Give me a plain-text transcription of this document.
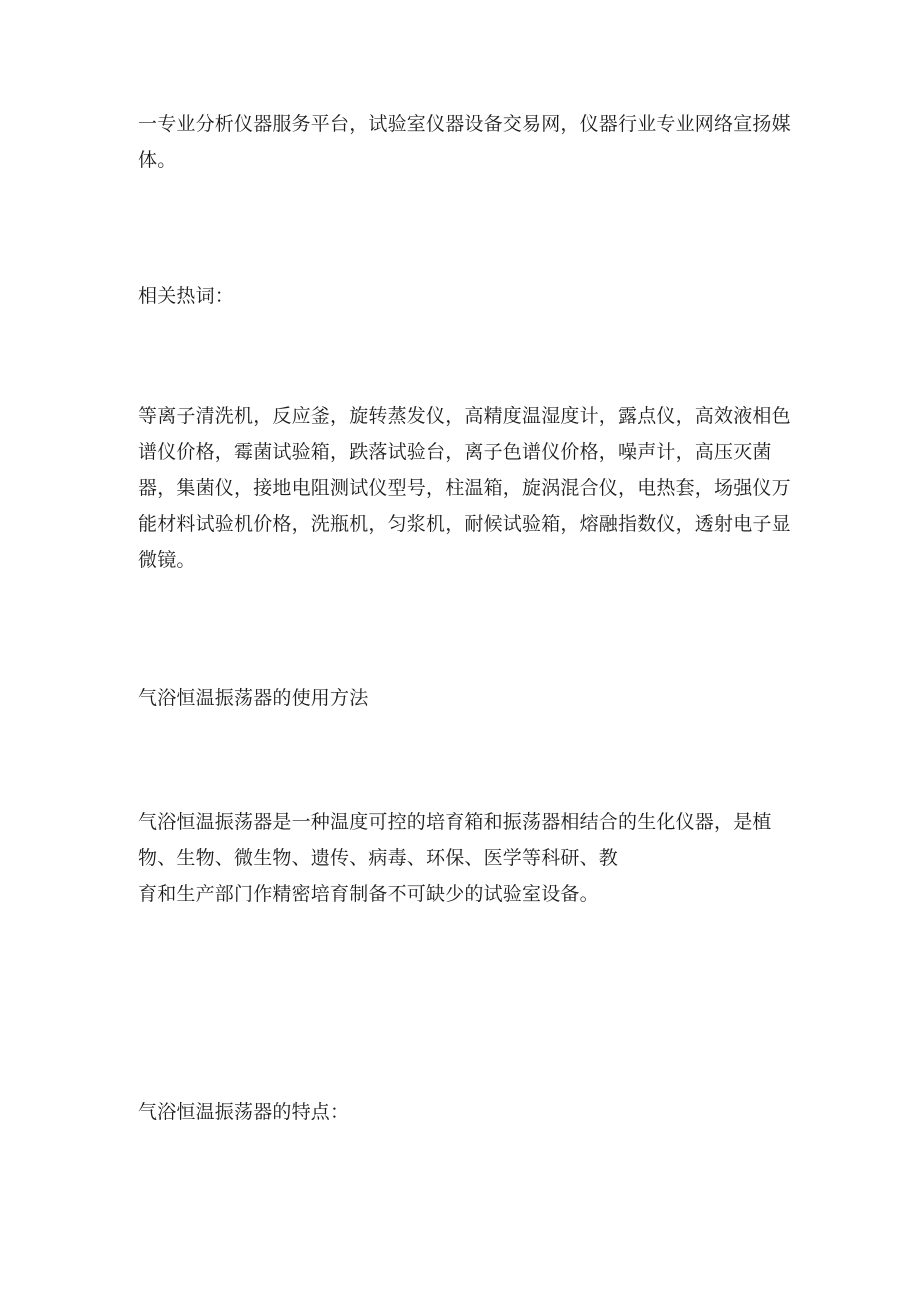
一专业分析仪器服务平台，试验室仪器设备交易网，仪器行业专业网络宣扬媒体。

相关热词：

等离子清洗机，反应釜，旋转蒸发仪，高精度温湿度计，露点仪，高效液相色谱仪价格，霉菌试验箱，跌落试验台，离子色谱仪价格，噪声计，高压灭菌器，集菌仪，接地电阻测试仪型号，柱温箱，旋涡混合仪，电热套，场强仪万能材料试验机价格，洗瓶机，匀浆机，耐候试验箱，熔融指数仪，透射电子显微镜。

气浴恒温振荡器的使用方法

气浴恒温振荡器是一种温度可控的培育箱和振荡器相结合的生化仪器，是植物、生物、微生物、遗传、病毒、环保、医学等科研、教
育和生产部门作精密培育制备不可缺少的试验室设备。

气浴恒温振荡器的特点：
